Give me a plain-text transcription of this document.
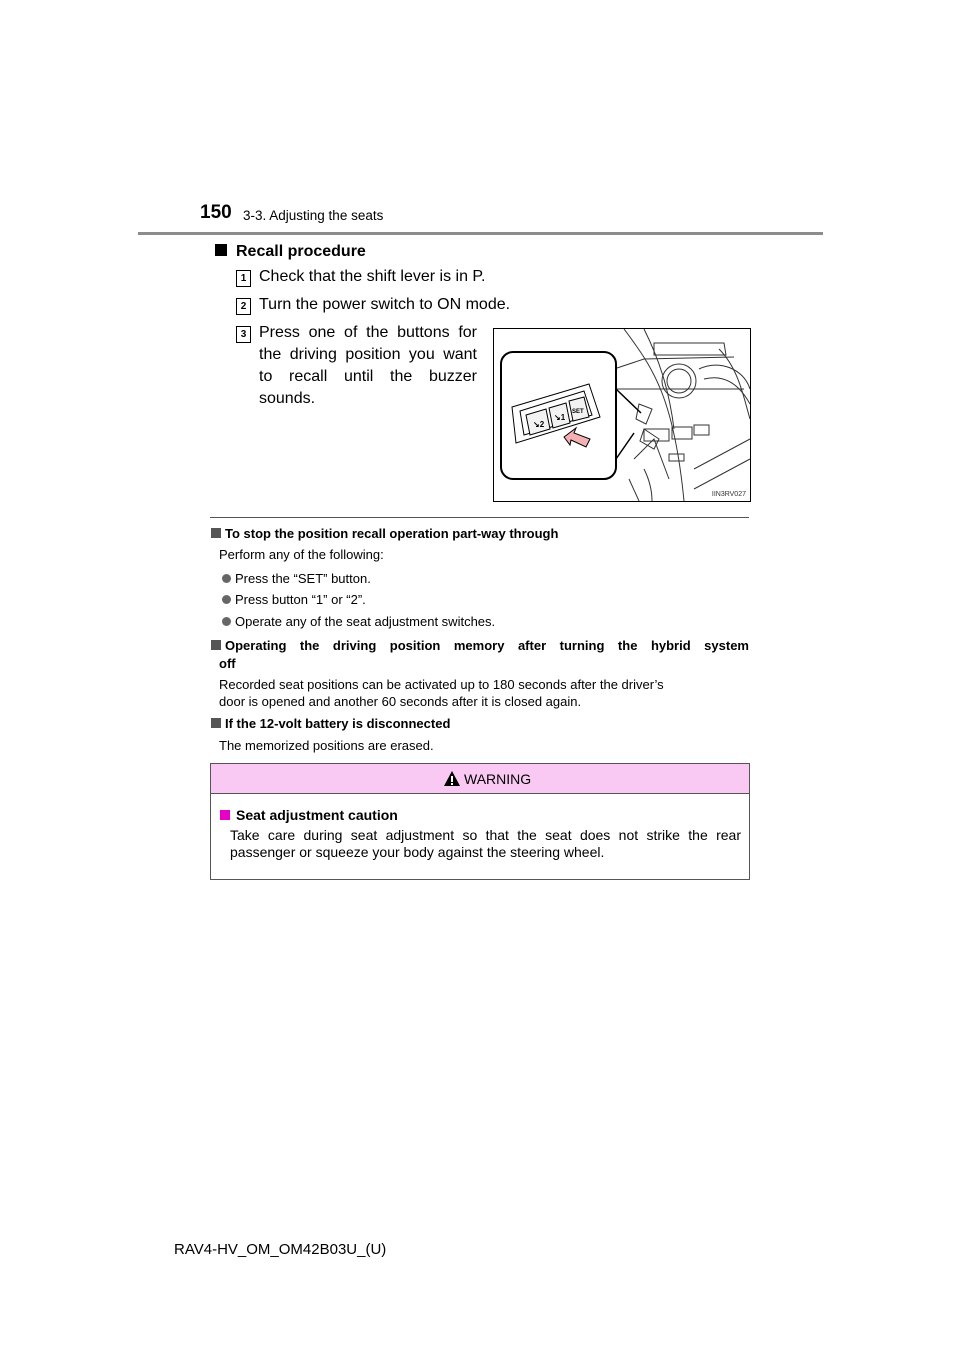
150 3-3. Adjusting the seats
Recall procedure
1 Check that the shift lever is in P.
2 Turn the power switch to ON mode.
3 Press one of the buttons for the driving position you want to recall until the buzzer sounds.
↘2
↘1
SET
IIN3RV027
To stop the position recall operation part-way through
Perform any of the following:
Press the “SET” button.
Press button “1” or “2”.
Operate any of the seat adjustment switches.
Operating the driving position memory after turning the hybrid system
off
Recorded seat positions can be activated up to 180 seconds after the driver’s
door is opened and another 60 seconds after it is closed again.
If the 12-volt battery is disconnected
The memorized positions are erased.
WARNING
Seat adjustment caution
Take care during seat adjustment so that the seat does not strike the rear passenger or squeeze your body against the steering wheel.
RAV4-HV_OM_OM42B03U_(U)
